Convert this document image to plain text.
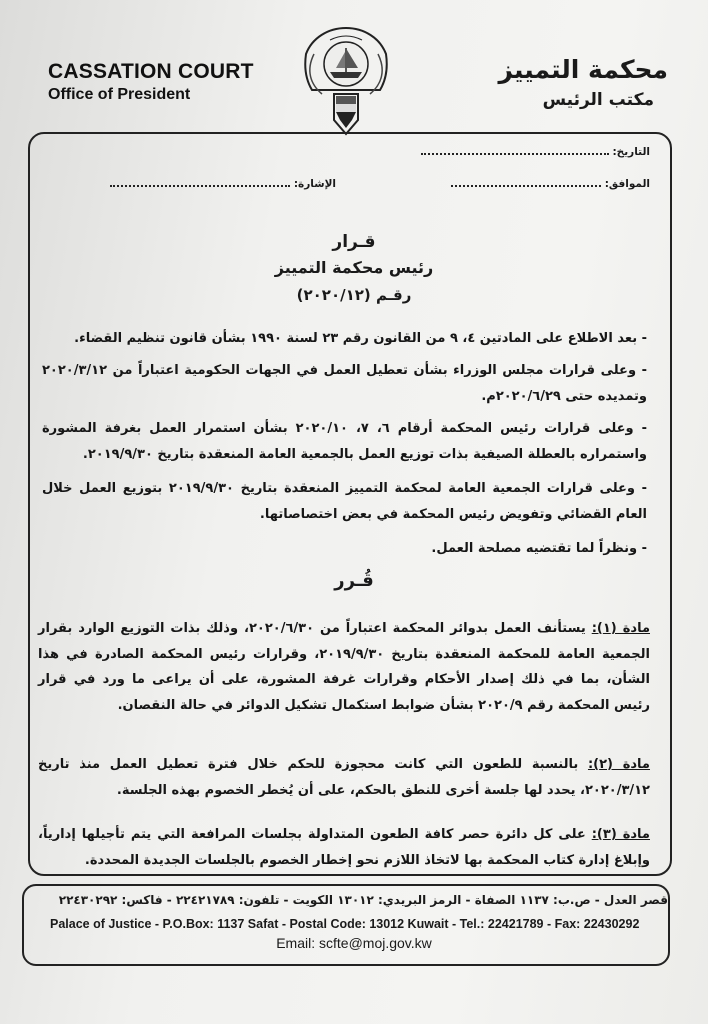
CASSATION COURT
Office of President
محكمة التمييز
مكتب الرئيس
التاريخ:
الموافق:
الإشارة:
قـرار
رئيس محكمة التمييز
رقـم (٢٠٢٠/١٢)
- بعد الاطلاع على المادتين ٤، ٩ من القانون رقم ٢٣ لسنة ١٩٩٠ بشأن قانون تنظيم القضاء.
- وعلى قرارات مجلس الوزراء بشأن تعطيل العمل في الجهات الحكومية اعتباراً من ٢٠٢٠/٣/١٢ وتمديده حتى ٢٠٢٠/٦/٢٩م.
- وعلى قرارات رئيس المحكمة أرقام ٦، ٧، ٢٠٢٠/١٠ بشأن استمرار العمل بغرفة المشورة واستمراره بالعطلة الصيفية بذات توزيع العمل بالجمعية العامة المنعقدة بتاريخ ٢٠١٩/٩/٣٠.
- وعلى قرارات الجمعية العامة لمحكمة التمييز المنعقدة بتاريخ ٢٠١٩/٩/٣٠ بتوزيع العمل خلال العام القضائي وتفويض رئيس المحكمة في بعض اختصاصاتها.
- ونظراً لما تقتضيه مصلحة العمل.
قُـرر
مادة (١): يستأنف العمل بدوائر المحكمة اعتباراً من ٢٠٢٠/٦/٣٠، وذلك بذات التوزيع الوارد بقرار الجمعية العامة للمحكمة المنعقدة بتاريخ ٢٠١٩/٩/٣٠، وقرارات رئيس المحكمة الصادرة في هذا الشأن، بما في ذلك إصدار الأحكام وقرارات غرفة المشورة، على أن يراعى ما ورد في قرار رئيس المحكمة رقم ٢٠٢٠/٩ بشأن ضوابط استكمال تشكيل الدوائر في حالة النقصان.
مادة (٢): بالنسبة للطعون التي كانت محجوزة للحكم خلال فترة تعطيل العمل منذ تاريخ ٢٠٢٠/٣/١٢، يحدد لها جلسة أخرى للنطق بالحكم، على أن يُخطر الخصوم بهذه الجلسة.
مادة (٣): على كل دائرة حصر كافة الطعون المتداولة بجلسات المرافعة التي يتم تأجيلها إدارياً، وإبلاغ إدارة كتاب المحكمة بها لاتخاذ اللازم نحو إخطار الخصوم بالجلسات الجديدة المحددة.
قصر العدل - ص.ب: ١١٣٧ الصفاة - الرمز البريدي: ١٣٠١٢ الكويت - تلفون: ٢٢٤٢١٧٨٩ - فاكس: ٢٢٤٣٠٢٩٢
Palace of Justice - P.O.Box: 1137 Safat - Postal Code: 13012 Kuwait - Tel.: 22421789 - Fax: 22430292
Email: scfte@moj.gov.kw
